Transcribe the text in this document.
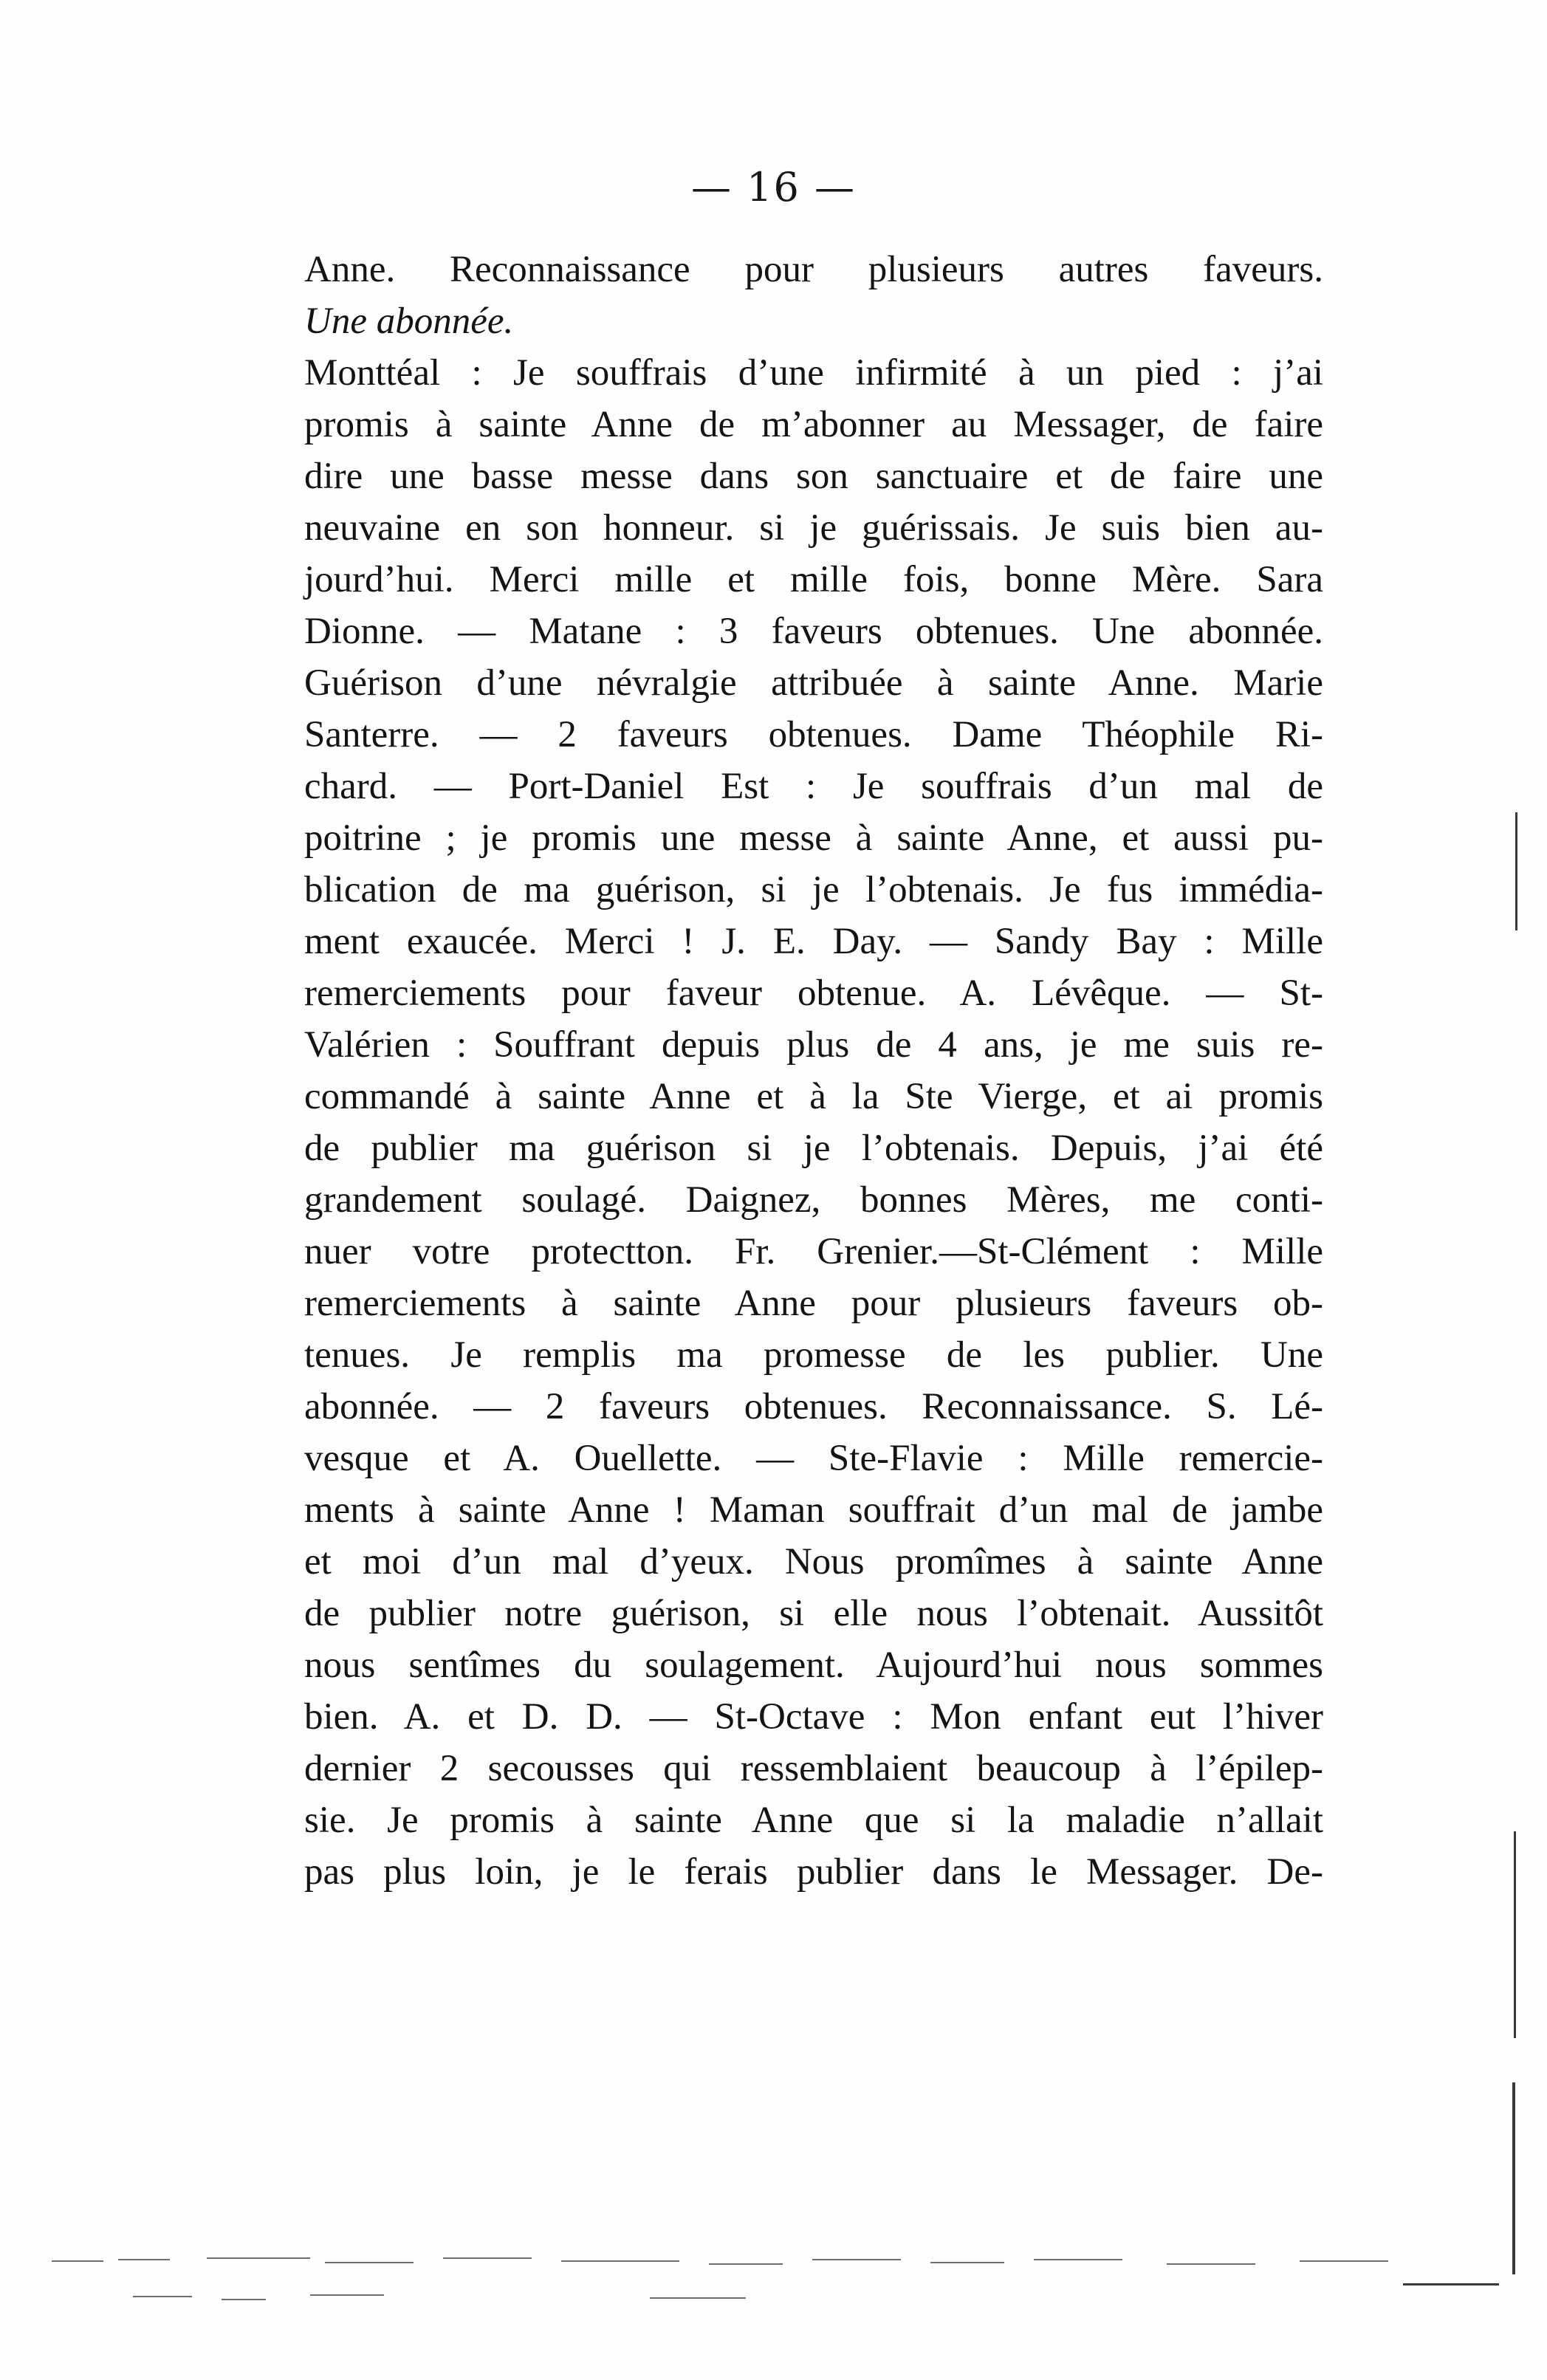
— 16 —
Anne. Reconnaissance pour plusieurs autres faveurs.
Une abonnée.
Monttéal : Je souffrais d’une infirmité à un pied : j’ai
promis à sainte Anne de m’abonner au Messager, de faire
dire une basse messe dans son sanctuaire et de faire une
neuvaine en son honneur. si je guérissais. Je suis bien au-
jourd’hui. Merci mille et mille fois, bonne Mère. Sara
Dionne. — Matane : 3 faveurs obtenues. Une abonnée.
Guérison d’une névralgie attribuée à sainte Anne. Marie
Santerre. — 2 faveurs obtenues. Dame Théophile Ri-
chard. — Port-Daniel Est : Je souffrais d’un mal de
poitrine ; je promis une messe à sainte Anne, et aussi pu-
blication de ma guérison, si je l’obtenais. Je fus immédia-
ment exaucée. Merci ! J. E. Day. — Sandy Bay : Mille
remerciements pour faveur obtenue. A. Lévêque. — St-
Valérien : Souffrant depuis plus de 4 ans, je me suis re-
commandé à sainte Anne et à la Ste Vierge, et ai promis
de publier ma guérison si je l’obtenais. Depuis, j’ai été
grandement soulagé. Daignez, bonnes Mères, me conti-
nuer votre protectton. Fr. Grenier.—St-Clément : Mille
remerciements à sainte Anne pour plusieurs faveurs ob-
tenues. Je remplis ma promesse de les publier. Une
abonnée. — 2 faveurs obtenues. Reconnaissance. S. Lé-
vesque et A. Ouellette. — Ste-Flavie : Mille remercie-
ments à sainte Anne ! Maman souffrait d’un mal de jambe
et moi d’un mal d’yeux. Nous promîmes à sainte Anne
de publier notre guérison, si elle nous l’obtenait. Aussitôt
nous sentîmes du soulagement. Aujourd’hui nous sommes
bien. A. et D. D. — St-Octave : Mon enfant eut l’hiver
dernier 2 secousses qui ressemblaient beaucoup à l’épilep-
sie. Je promis à sainte Anne que si la maladie n’allait
pas plus loin, je le ferais publier dans le Messager. De-
